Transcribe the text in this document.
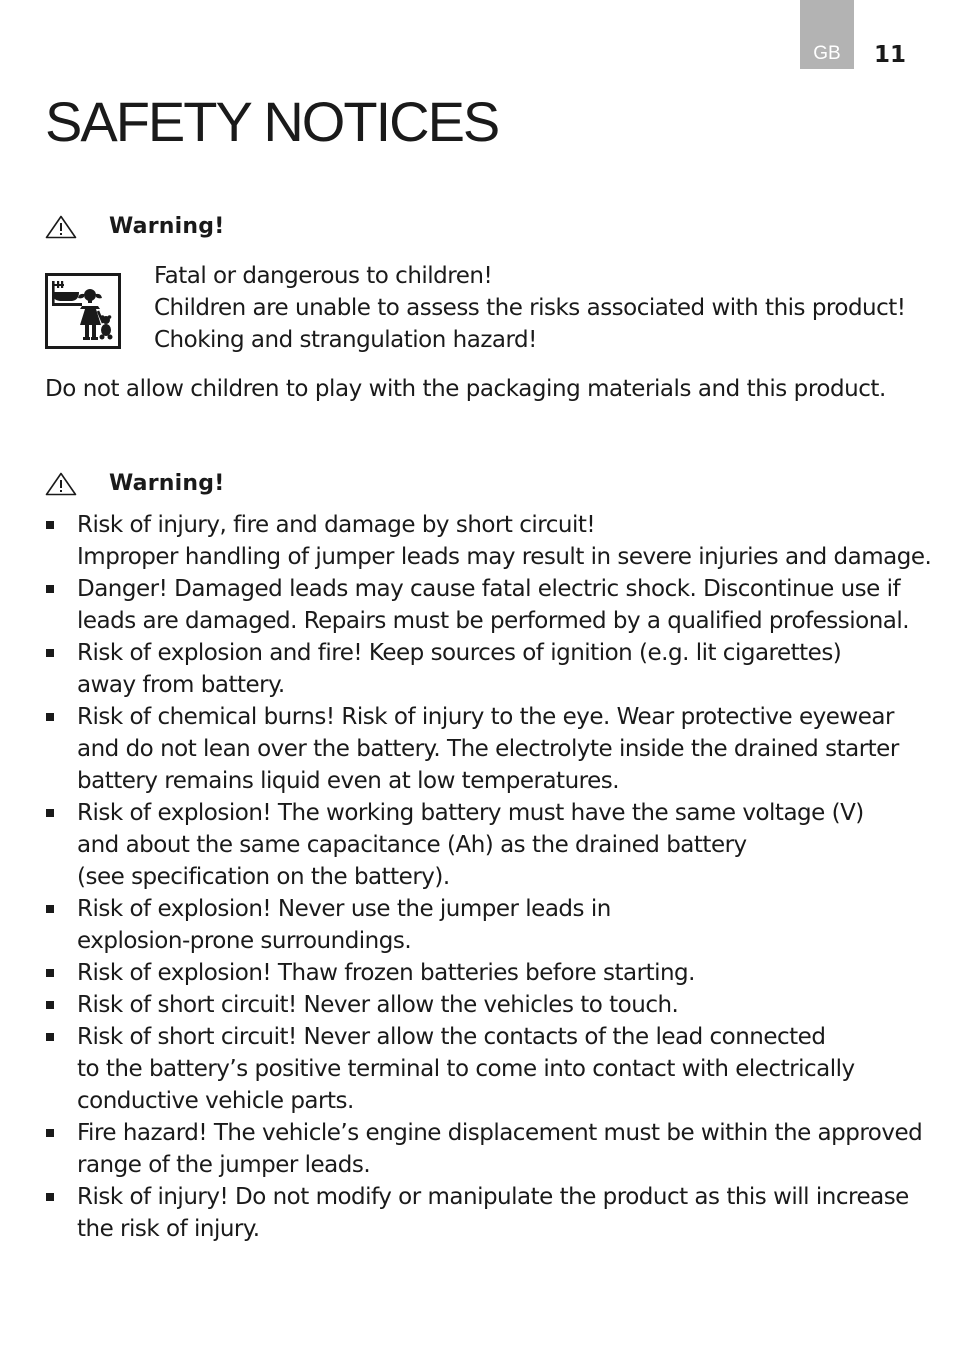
GB 11
SAFETY NOTICES
Warning!
Fatal or dangerous to children!
Children are unable to assess the risks associated with this product!
Choking and strangulation hazard!

Do not allow children to play with the packaging materials and this product.

Warning!
Risk of injury, fire and damage by short circuit!
Improper handling of jumper leads may result in severe injuries and damage.
Danger! Damaged leads may cause fatal electric shock. Discontinue use if
leads are damaged. Repairs must be performed by a qualified professional.
Risk of explosion and fire! Keep sources of ignition (e.g. lit cigarettes)
away from battery.
Risk of chemical burns! Risk of injury to the eye. Wear protective eyewear
and do not lean over the battery. The electrolyte inside the drained starter
battery remains liquid even at low temperatures.
Risk of explosion! The working battery must have the same voltage (V)
and about the same capacitance (Ah) as the drained battery
(see specification on the battery).
Risk of explosion! Never use the jumper leads in
explosion-prone surroundings.
Risk of explosion! Thaw frozen batteries before starting.
Risk of short circuit! Never allow the vehicles to touch.
Risk of short circuit! Never allow the contacts of the lead connected
to the battery’s positive terminal to come into contact with electrically
conductive vehicle parts.
Fire hazard! The vehicle’s engine displacement must be within the approved
range of the jumper leads.
Risk of injury! Do not modify or manipulate the product as this will increase
the risk of injury.
